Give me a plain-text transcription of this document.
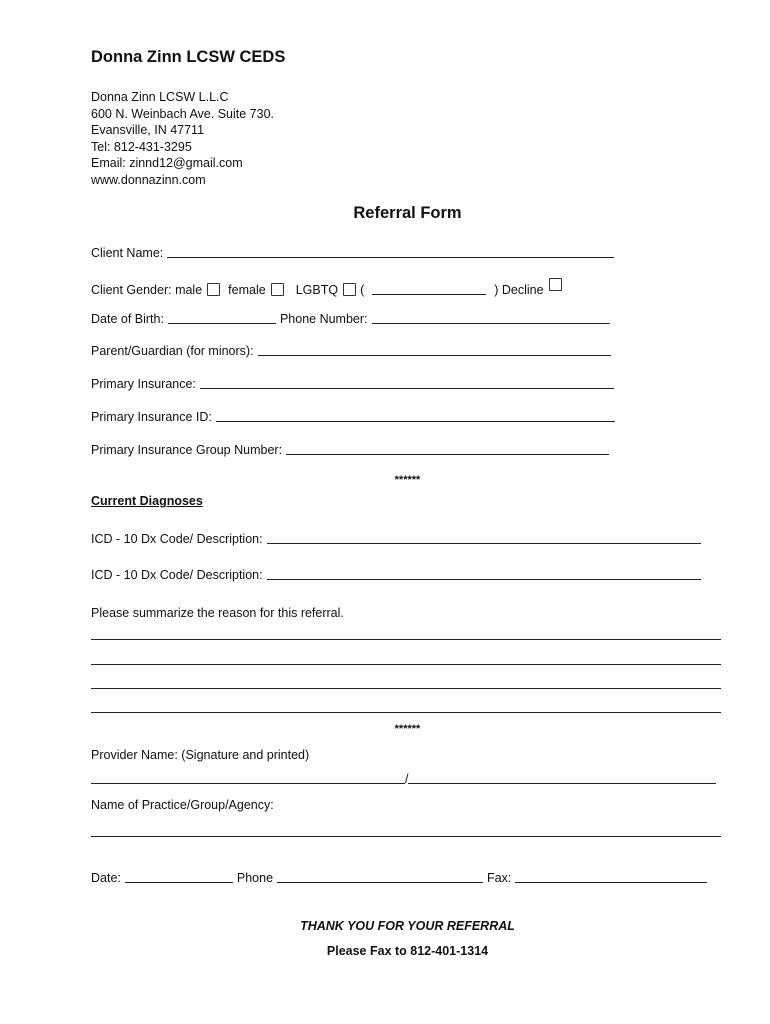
Donna Zinn LCSW CEDS
Donna Zinn LCSW L.L.C
600 N. Weinbach Ave. Suite 730.
Evansville, IN 47711
Tel: 812-431-3295
Email: zinnd12@gmail.com
www.donnazinn.com
Referral Form
Client Name:
Client Gender: male female LGBTQ (	) Decline
Date of Birth:	Phone Number:
Parent/Guardian (for minors):
Primary Insurance:
Primary Insurance ID:
Primary Insurance Group Number:
******
Current Diagnoses
ICD - 10 Dx Code/ Description:
ICD - 10 Dx Code/ Description:
Please summarize the reason for this referral.
******
Provider Name: (Signature and printed)
/
Name of Practice/Group/Agency:
Date:	Phone	Fax:
THANK YOU FOR YOUR REFERRAL
Please Fax to 812-401-1314
